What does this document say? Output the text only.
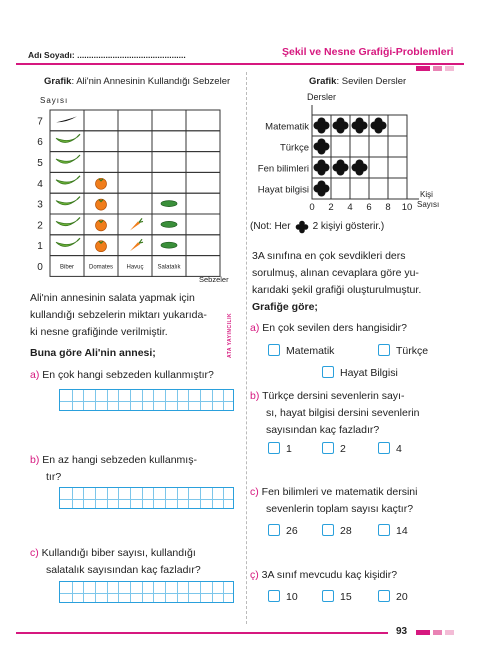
Adı Soyadı: ..............................................	Şekil ve Nesne Grafiği-Problemleri
ATA YAYINCILIK
Grafik: Ali'nin Annesinin Kullandığı Sebzeler
Sayısı
7
6
5
4
3
2
1
0	Biber Domates Havuç Salatalık
Sebzeler
Ali'nin annesinin salata yapmak için
kullandığı sebzelerin miktarı yukarıda-
ki nesne grafiğinde verilmiştir.
Buna göre Ali'nin annesi;
a) En çok hangi sebzeden kullanmıştır?
b) En az hangi sebzeden kullanmış-
tır?
c) Kullandığı biber sayısı, kullandığı
salatalık sayısından kaç fazladır?
Grafik: Sevilen Dersler
Dersler
Matematik
Türkçe
Fen bilimleri
Hayat bilgisi
0 2 4 6 8 10
Kişi
Sayısı
(Not: Her 2 kişiyi gösterir.)
3A sınıfına en çok sevdikleri ders
sorulmuş, alınan cevaplara göre yu-
karıdaki şekil grafiği oluşturulmuştur.
Grafiğe göre;
a) En çok sevilen ders hangisidir?
Matematik	Türkçe
Hayat Bilgisi
b) Türkçe dersini sevenlerin sayı-
sı, hayat bilgisi dersini sevenlerin
sayısından kaç fazladır?
1	2	4
c) Fen bilimleri ve matematik dersini
sevenlerin toplam sayısı kaçtır?
26	28	14
ç) 3A sınıf mevcudu kaç kişidir?
10	15	20
93
